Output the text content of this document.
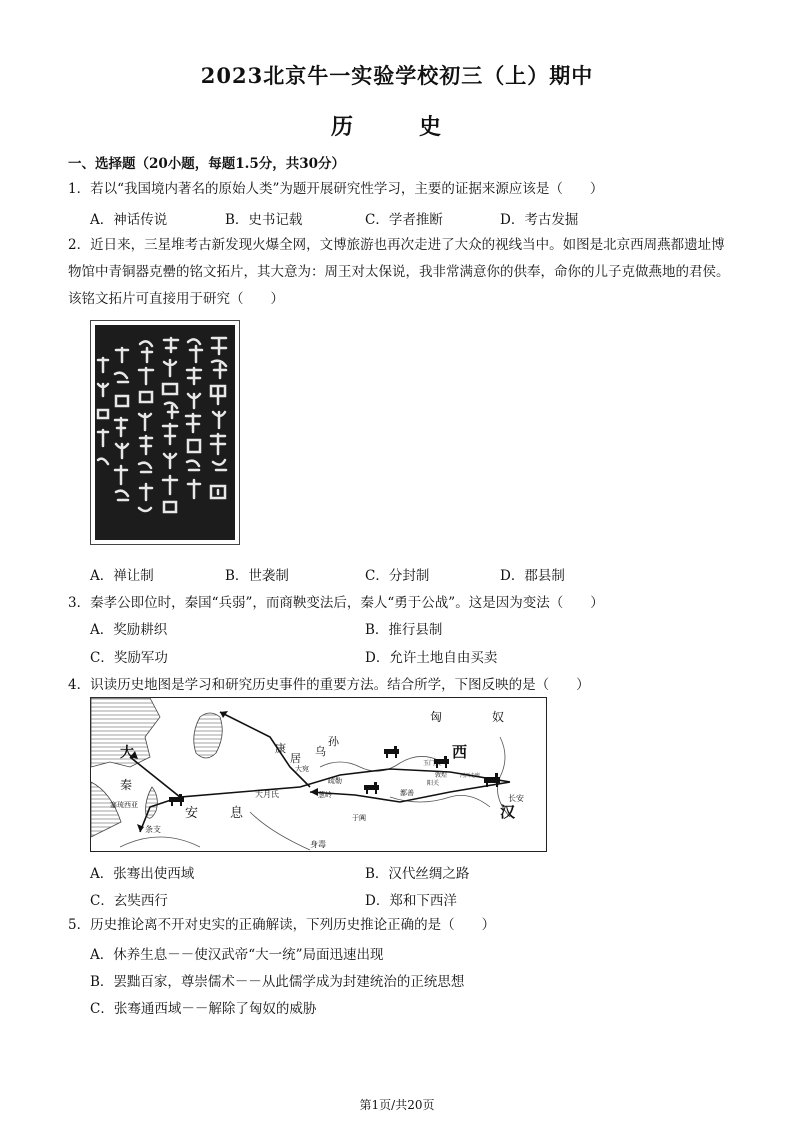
2023北京牛一实验学校初三（上）期中
历　史
一、选择题（20小题，每题1.5分，共30分）
1．若以“我国境内著名的原始人类”为题开展研究性学习，主要的证据来源应该是（　　）
A．神话传说	B．史书记载	C．学者推断	D．考古发掘
2．近日来，三星堆考古新发现火爆全网，文博旅游也再次走进了大众的视线当中。如图是北京西周燕都遗址博物馆中青铜器克罍的铭文拓片，其大意为：周王对太保说，我非常满意你的供奉，命你的儿子克做燕地的君侯。该铭文拓片可直接用于研究（　　）
A．禅让制	B．世袭制	C．分封制	D．郡县制
3．秦孝公即位时，秦国“兵弱”，而商鞅变法后，秦人“勇于公战”。这是因为变法（　　）
A．奖励耕织	B．推行县制
C．奖励军功	D．允许土地自由买卖
4．识读历史地图是学习和研究历史事件的重要方法。结合所学，下图反映的是（　　）
匈	奴
西
汉
大
秦
安 息
康
居
乌
孙
大月氏
大宛
疏勒
葱岭
于阗
鄯善
玉门关
阳关
敦煌	河西走廊
长安
塞琉西亚
条支
身毒
A．张骞出使西域	B．汉代丝绸之路
C．玄奘西行	D．郑和下西洋
5．历史推论离不开对史实的正确解读，下列历史推论正确的是（　　）
A．休养生息－－使汉武帝“大一统”局面迅速出现
B．罢黜百家，尊崇儒术－－从此儒学成为封建统治的正统思想
C．张骞通西域－－解除了匈奴的威胁
第1页/共20页
